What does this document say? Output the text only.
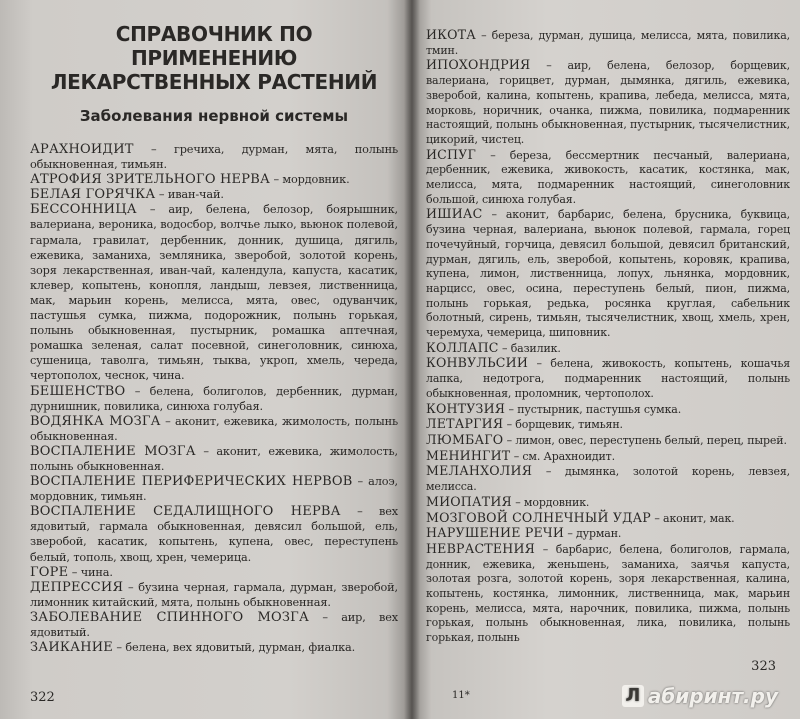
СПРАВОЧНИК ПО ПРИМЕНЕНИЮ
ЛЕКАРСТВЕННЫХ РАСТЕНИЙ
Заболевания нервной системы

АРАХНОИДИТ – гречиха, дурман, мята, полынь обыкновенная, тимьян.

АТРОФИЯ ЗРИТЕЛЬНОГО НЕРВА – мордовник.

БЕЛАЯ ГОРЯЧКА – иван-чай.

БЕССОННИЦА – аир, белена, белозор, боярышник, валериана, вероника, водосбор, волчье лыко, вьюнок полевой, гармала, гравилат, дербенник, донник, душица, дягиль, ежевика, заманиха, земляника, зверобой, золотой корень, зоря лекарственная, иван-чай, календула, капуста, касатик, клевер, копытень, конопля, ландыш, левзея, лиственница, мак, марьин корень, мелисса, мята, овес, одуванчик, пастушья сумка, пижма, подорожник, полынь горькая, полынь обыкновенная, пустырник, ромашка аптечная, ромашка зеленая, салат посевной, синеголовник, синюха, сушеница, таволга, тимьян, тыква, укроп, хмель, череда, чертополох, чеснок, чина.

БЕШЕНСТВО – белена, болиголов, дербенник, дурман, дурнишник, повилика, синюха голубая.

ВОДЯНКА МОЗГА – аконит, ежевика, жимолость, полынь обыкновенная.

ВОСПАЛЕНИЕ МОЗГА – аконит, ежевика, жимолость, полынь обыкновенная.

ВОСПАЛЕНИЕ ПЕРИФЕРИЧЕСКИХ НЕРВОВ – алоэ, мордовник, тимьян.

ВОСПАЛЕНИЕ СЕДАЛИЩНОГО НЕРВА – вех ядовитый, гармала обыкновенная, девясил большой, ель, зверобой, касатик, копытень, купена, овес, переступень белый, тополь, хвощ, хрен, чемерица.

ГОРЕ – чина.

ДЕПРЕССИЯ – бузина черная, гармала, дурман, зверобой, лимонник китайский, мята, полынь обыкновенная.

ЗАБОЛЕВАНИЕ СПИННОГО МОЗГА – аир, вех ядовитый.

ЗАИКАНИЕ – белена, вех ядовитый, дурман, фиалка.

ИКОТА – береза, дурман, душица, мелисса, мята, повилика, тмин.

ИПОХОНДРИЯ – аир, белена, белозор, борщевик, валериана, горицвет, дурман, дымянка, дягиль, ежевика, зверобой, калина, копытень, крапива, лебеда, мелисса, мята, морковь, норичник, очанка, пижма, повилика, подмаренник настоящий, полынь обыкновенная, пустырник, тысячелистник, цикорий, чистец.

ИСПУГ – береза, бессмертник песчаный, валериана, дербенник, ежевика, живокость, касатик, костянка, мак, мелисса, мята, подмаренник настоящий, синеголовник большой, синюха голубая.

ИШИАС – аконит, барбарис, белена, брусника, буквица, бузина черная, валериана, вьюнок полевой, гармала, горец почечуйный, горчица, девясил большой, девясил британский, дурман, дягиль, ель, зверобой, копытень, коровяк, крапива, купена, лимон, лиственница, лопух, льнянка, мордовник, нарцисс, овес, осина, переступень белый, пион, пижма, полынь горькая, редька, росянка круглая, сабельник болотный, сирень, тимьян, тысячелистник, хвощ, хмель, хрен, черемуха, чемерица, шиповник.

КОЛЛАПС – базилик.

КОНВУЛЬСИИ – белена, живокость, копытень, кошачья лапка, недотрога, подмаренник настоящий, полынь обыкновенная, проломник, чертополох.

КОНТУЗИЯ – пустырник, пастушья сумка.

ЛЕТАРГИЯ – борщевик, тимьян.

ЛЮМБАГО – лимон, овес, переступень белый, перец, пырей.

МЕНИНГИТ – см. Арахноидит.

МЕЛАНХОЛИЯ – дымянка, золотой корень, левзея, мелисса.

МИОПАТИЯ – мордовник.

МОЗГОВОЙ СОЛНЕЧНЫЙ УДАР – аконит, мак.

НАРУШЕНИЕ РЕЧИ – дурман.

НЕВРАСТЕНИЯ – барбарис, белена, болиголов, гармала, донник, ежевика, женьшень, заманиха, заячья капуста, золотая розга, золотой корень, зоря лекарственная, калина, копытень, костянка, лимонник, лиственница, мак, марьин корень, мелисса, мята, нарочник, повилика, пижма, полынь горькая, полынь обыкновенная, лика, повилика, полынь горькая, полынь

322
323
11*	Л абиринт.ру
